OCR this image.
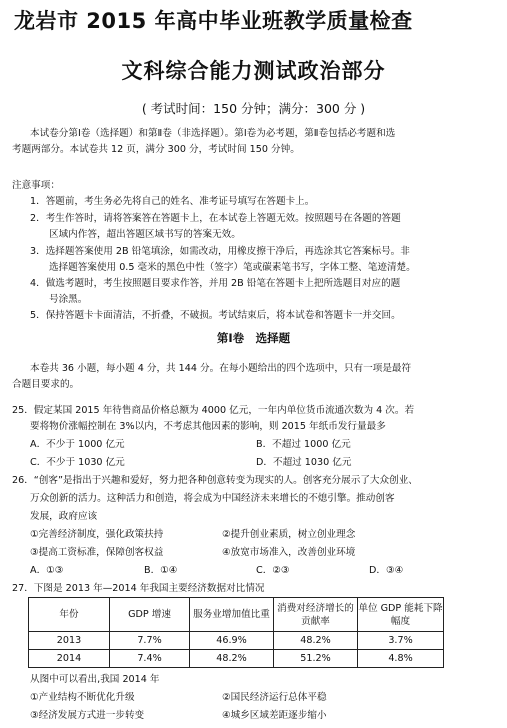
龙岩市 2015 年高中毕业班教学质量检查
文科综合能力测试政治部分
( 考试时间：150 分钟；满分：300 分 )
本试卷分第Ⅰ卷（选择题）和第Ⅱ卷（非选择题）。第Ⅰ卷为必考题，第Ⅱ卷包括必考题和选
考题两部分。本试卷共 12 页，满分 300 分，考试时间 150 分钟。
注意事项：
1．答题前，考生务必先将自己的姓名、准考证号填写在答题卡上。
2．考生作答时，请将答案答在答题卡上，在本试卷上答题无效。按照题号在各题的答题
区域内作答，超出答题区域书写的答案无效。
3．选择题答案使用 2B 铅笔填涂，如需改动，用橡皮擦干净后，再选涂其它答案标号。非
选择题答案使用 0.5 毫米的黑色中性（签字）笔或碳素笔书写，字体工整、笔迹清楚。
4．做选考题时，考生按照题目要求作答，并用 2B 铅笔在答题卡上把所选题目对应的题
号涂黑。
5．保持答题卡卡面清洁，不折叠，不破损。考试结束后，将本试卷和答题卡一并交回。
第Ⅰ卷　选择题
本卷共 36 小题，每小题 4 分，共 144 分。在每小题给出的四个选项中，只有一项是最符
合题目要求的。
25．假定某国 2015 年待售商品价格总额为 4000 亿元，一年内单位货币流通次数为 4 次。若
要将物价涨幅控制在 3%以内，不考虑其他因素的影响，则 2015 年纸币发行量最多
A．不少于 1000 亿元	B．不超过 1000 亿元
C．不少于 1030 亿元	D．不超过 1030 亿元
26．“创客”是指出于兴趣和爱好，努力把各种创意转变为现实的人。创客充分展示了大众创业、
万众创新的活力。这种活力和创造，将会成为中国经济未来增长的不熄引擎。推动创客
发展，政府应该
①完善经济制度，强化政策扶持	②提升创业素质，树立创业理念
③提高工资标准，保障创客权益	④放宽市场准入，改善创业环境
A．①③	B．①④	C．②③	D．③④
27．下图是 2013 年—2014 年我国主要经济数据对比情况
年份	GDP 增速	服务业增加值比重	消费对经济增长的贡献率	单位 GDP 能耗下降幅度
2013	7.7%	46.9%	48.2%	3.7%
2014	7.4%	48.2%	51.2%	4.8%
从图中可以看出,我国 2014 年
①产业结构不断优化升级	②国民经济运行总体平稳
③经济发展方式进一步转变	④城乡区域差距逐步缩小
